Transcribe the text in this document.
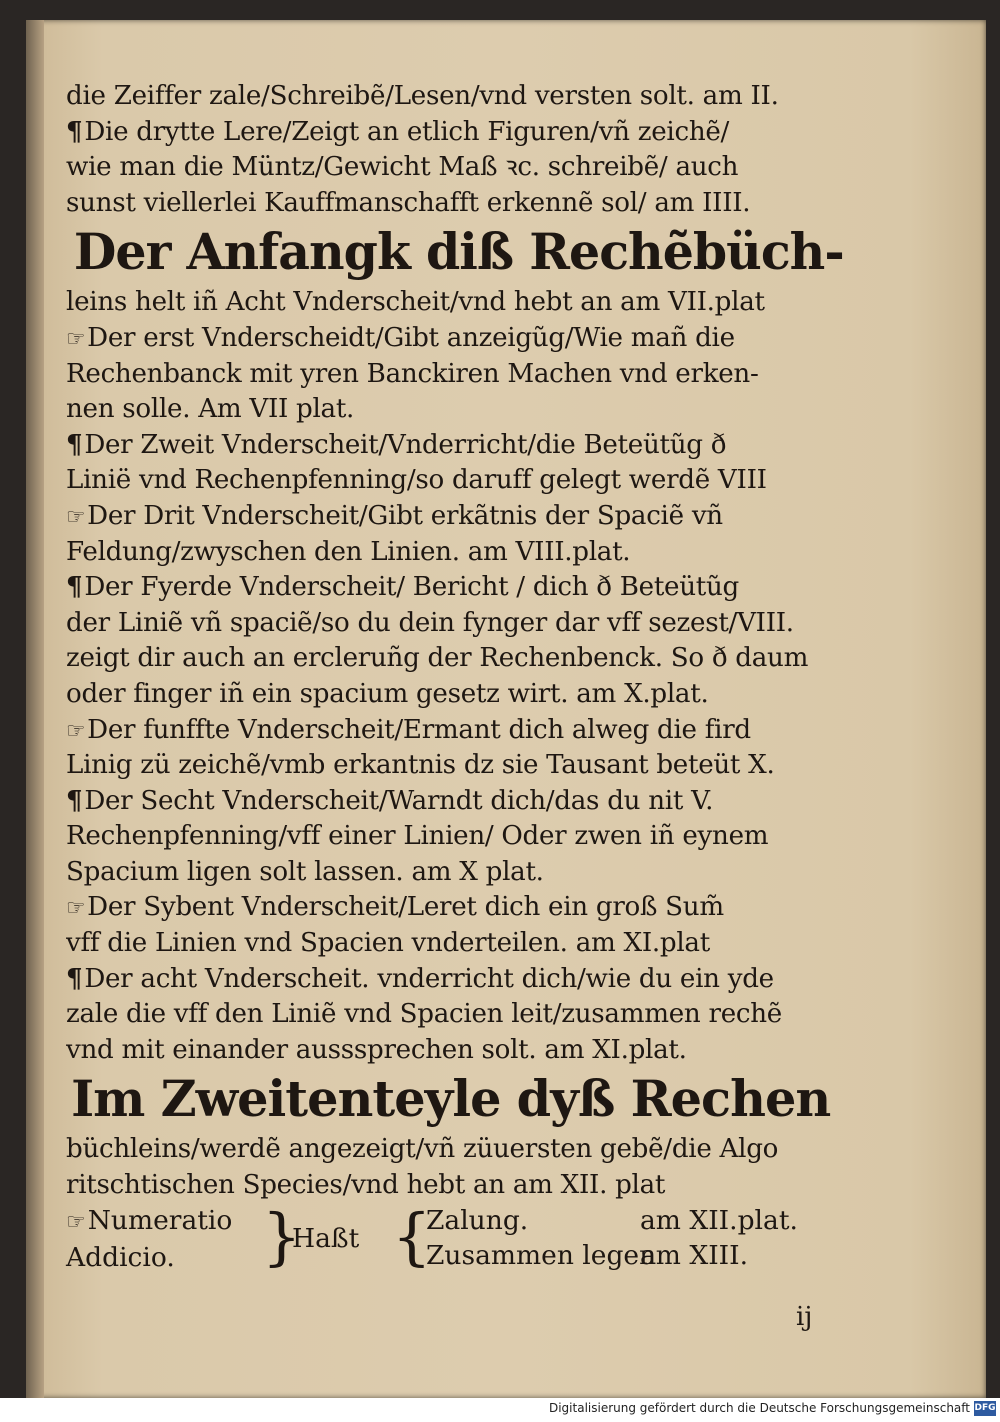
die Zeiffer zale/Schreibẽ/Lesen/vnd versten solt. am II.
¶Die drytte Lere/Zeigt an etlich Figuren/vñ zeichẽ/
wie man die Müntz/Gewicht Maß ꝛc. schreibẽ/ auch
sunst viellerlei Kauffmanschafft erkennẽ sol/ am IIII.
Der Anfangk diß Rechẽbüch-
leins helt iñ Acht Vnderscheit/vnd hebt an am VII.plat
☞Der erst Vnderscheidt/Gibt anzeigũg/Wie mañ die
Rechenbanck mit yren Banckiren Machen vnd erken-
nen solle. Am VII plat.
¶Der Zweit Vnderscheit/Vnderricht/die Beteütũg ð
Linië vnd Rechenpfenning/so daruff gelegt werdẽ VIII
☞Der Drit Vnderscheit/Gibt erkãtnis der Spaciẽ vñ
Feldung/zwyschen den Linien. am VIII.plat.
¶Der Fyerde Vnderscheit/ Bericht / dich ð Beteütũg
der Liniẽ vñ spaciẽ/so du dein fynger dar vff sezest/VIII.
zeigt dir auch an ercleruñg der Rechenbenck. So ð daum
oder finger iñ ein spacium gesetz wirt. am X.plat.
☞Der funffte Vnderscheit/Ermant dich alweg die fird
Linig zü zeichẽ/vmb erkantnis dz sie Tausant beteüt X.
¶Der Secht Vnderscheit/Warndt dich/das du nit V.
Rechenpfenning/vff einer Linien/ Oder zwen iñ eynem
Spacium ligen solt lassen. am X plat.
☞Der Sybent Vnderscheit/Leret dich ein groß Sum̃
vff die Linien vnd Spacien vnderteilen. am XI.plat
¶Der acht Vnderscheit. vnderricht dich/wie du ein yde
zale die vff den Liniẽ vnd Spacien leit/zusammen rechẽ
vnd mit einander ausssprechen solt. am XI.plat.
Im Zweitenteyle dyß Rechen
büchleins/werdẽ angezeigt/vñ züuersten gebẽ/die Algo
ritschtischen Species/vnd hebt an am XII. plat
☞Numeratio
Addicio.	}
Haßt {
Zalung.
Zusammen legen
am XII.plat.
am XIII.
ij
Digitalisierung gefördert durch die Deutsche Forschungsgemeinschaft DFG
